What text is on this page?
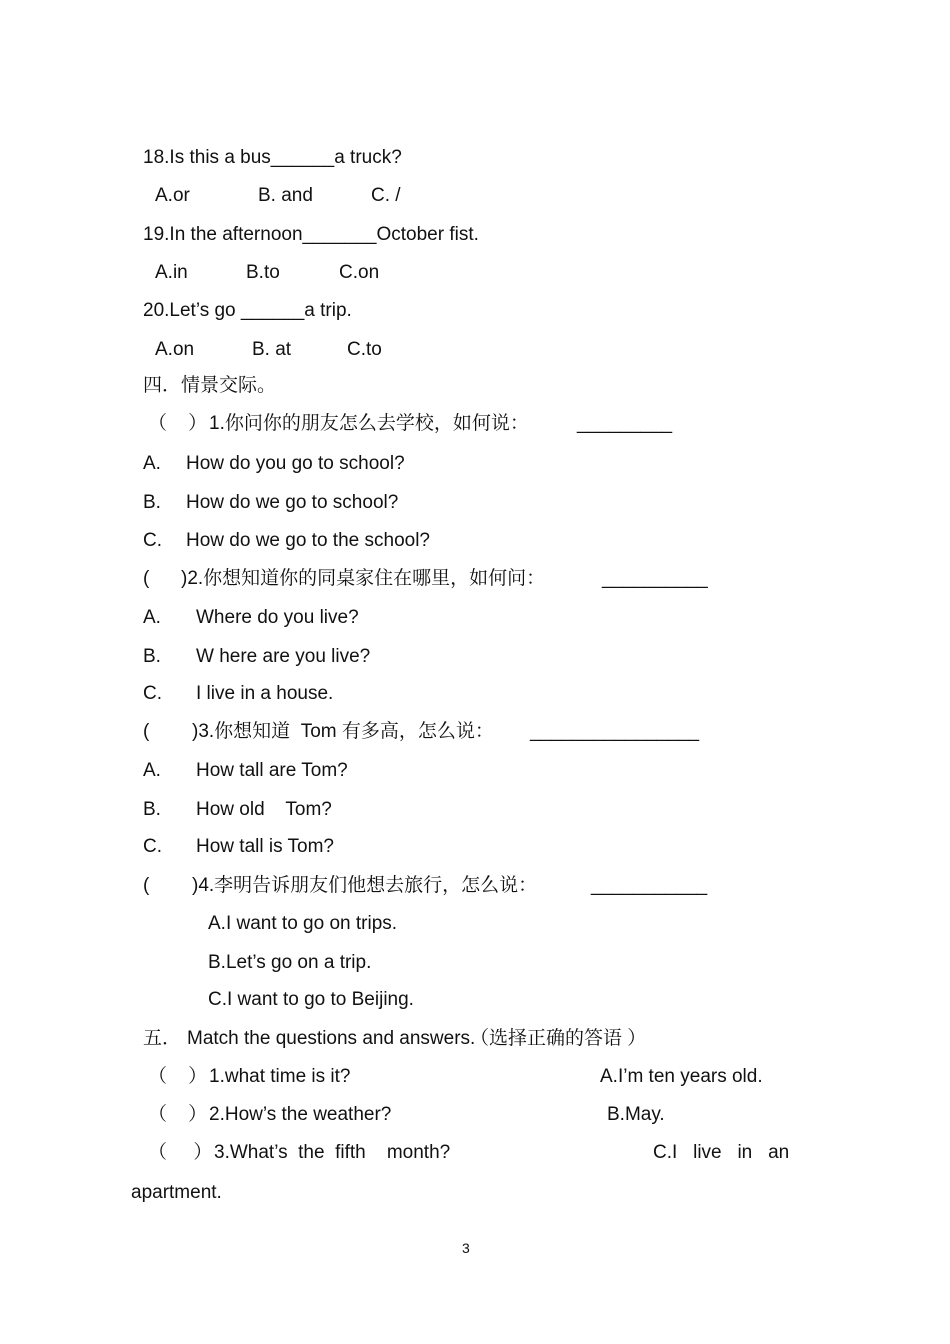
18.Is this a bus______a truck?
A.or	B. and	C. /
19.In the afternoon_______October fist.
A.in	B.to	C.on
20.Let’s go ______a trip.
A.on	B. at	C.to
四．情景交际。
（    ） 1.你问你的朋友怎么去学校，如何说：	_________
A. How do you go to school?
B. How do we go to school?
C. How do we go to the school?
( )2.你想知道你的同桌家住在哪里，如何问：	__________
A. Where do you live?
B. W here are you live?
C. I live in a house.
( )3.你想知道  Tom 有多高，怎么说： ________________
A. How tall are Tom?
B. How old    Tom?
C. How tall is Tom?
( )4.李明告诉朋友们他想去旅行，怎么说：	___________
A.I want to go on trips.
B.Let’s go on a trip.
C.I want to go to Beijing.
五． Match the questions and answers.
（选择正确的答语 ）
（    ） 1.what time is it?	A.I’m ten years old.
（    ） 2.How’s the weather?	B.May.
（     ） 3.What’s  the  fifth    month?	C.I   live   in   an
apartment.
3
